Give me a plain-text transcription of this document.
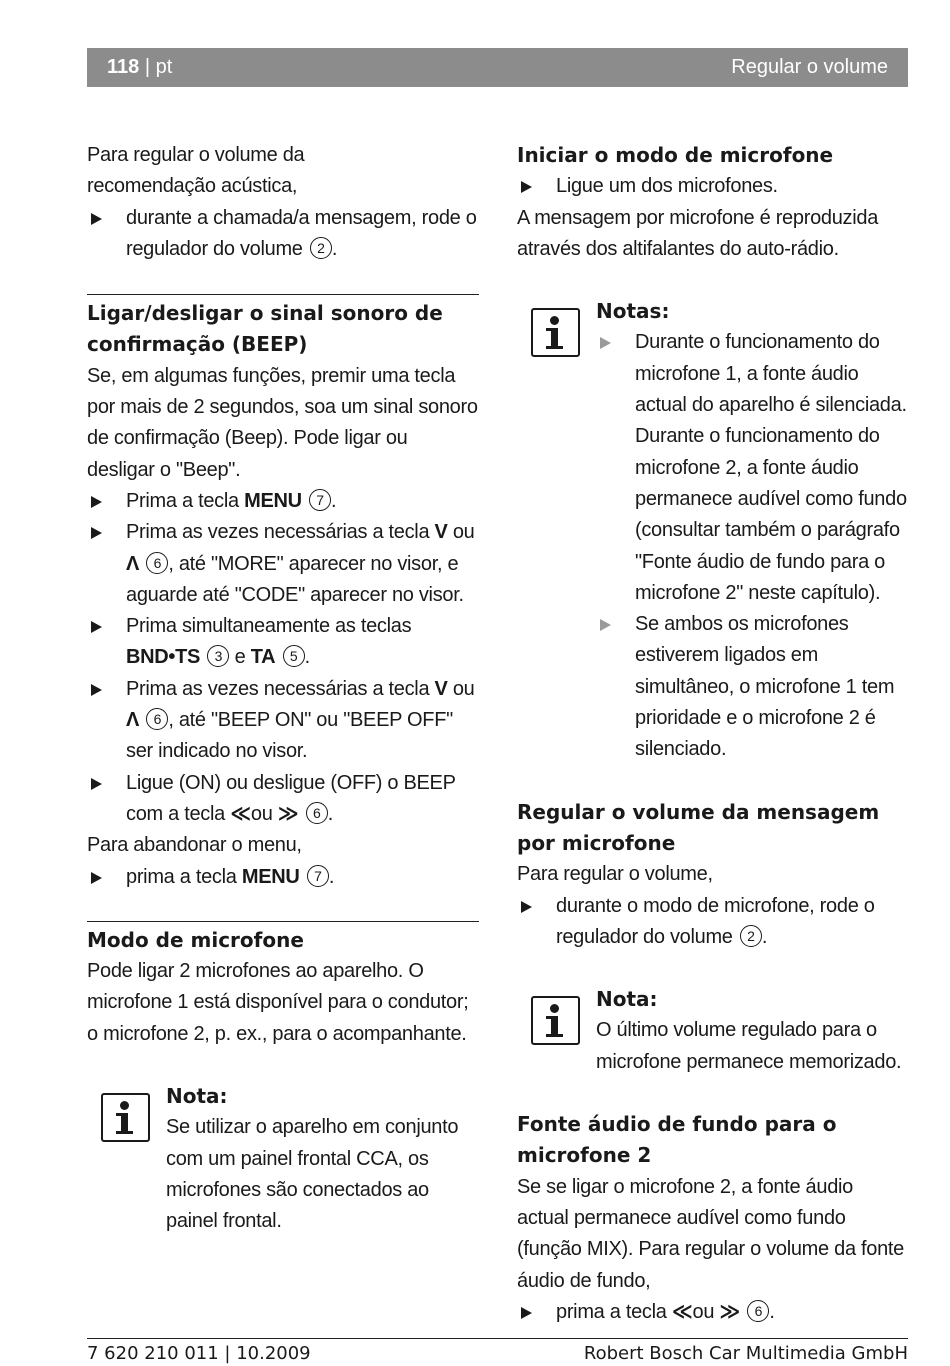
118 | pt	Regular o volume

Para regular o volume da recomendação acústica,

durante a chamada/a mensagem, rode o regulador do volume 2 .
Ligar/desligar o sinal sonoro de confirmação (BEEP)

Se, em algumas funções, premir uma tecla por mais de 2 segundos, soa um sinal sonoro de confirmação (Beep). Pode ligar ou desligar o "Beep".

Prima a tecla MENU 7 .
Prima as vezes necessárias a tecla V ou Λ 6 , até "MORE" aparecer no visor, e aguarde até "CODE" aparecer no visor.
Prima simultaneamente as teclas BND•TS 3 e TA 5 .
Prima as vezes necessárias a tecla V ou Λ 6 , até "BEEP ON" ou "BEEP OFF" ser indicado no visor.
Ligue (ON) ou desligue (OFF) o BEEP com a tecla ≪ou ≫ 6 .

Para abandonar o menu,

prima a tecla MENU 7 .
Modo de microfone

Pode ligar 2 microfones ao aparelho. O microfone 1 está disponível para o condutor; o microfone 2, p. ex., para o acompanhante.

Nota:

Se utilizar o aparelho em conjunto com um painel frontal CCA, os microfones são conectados ao painel frontal.

Iniciar o modo de microfone
Ligue um dos microfones.

A mensagem por microfone é reproduzida através dos altifalantes do auto-rádio.

Notas:
Durante o funcionamento do microfone 1, a fonte áudio actual do aparelho é silenciada. Durante o funcionamento do microfone 2, a fonte áudio permanece audível como fundo (consultar também o parágrafo "Fonte áudio de fundo para o microfone 2" neste capítulo).
Se ambos os microfones estiverem ligados em simultâneo, o microfone 1 tem prioridade e o microfone 2 é silenciado.
Regular o volume da mensagem por microfone

Para regular o volume,

durante o modo de microfone, rode o regulador do volume 2 .
Nota:

O último volume regulado para o microfone permanece memorizado.

Fonte áudio de fundo para o microfone 2

Se se ligar o microfone 2, a fonte áudio actual permanece audível como fundo (função MIX). Para regular o volume da fonte áudio de fundo,

prima a tecla ≪ou ≫ 6 .
7 620 210 011 | 10.2009	Robert Bosch Car Multimedia GmbH
